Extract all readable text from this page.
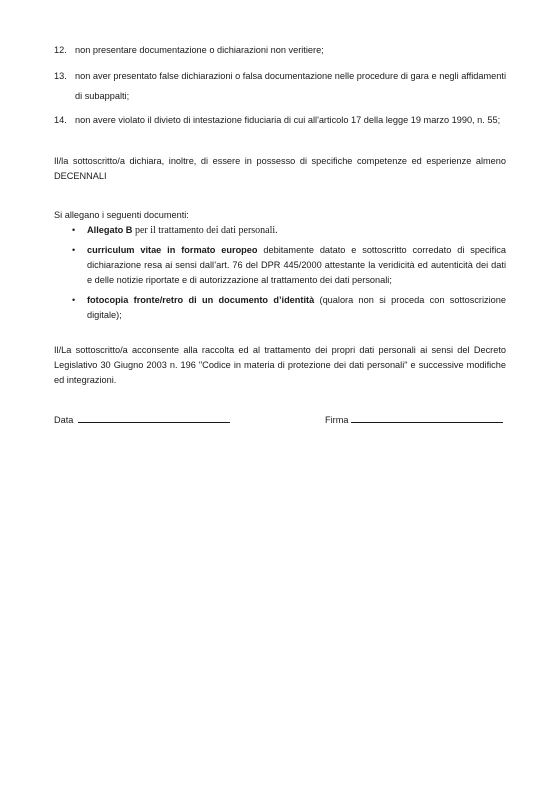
12. non presentare documentazione o dichiarazioni non veritiere;
13. non aver presentato false dichiarazioni o falsa documentazione nelle procedure di gara e negli affidamenti di subappalti;
14. non avere violato il divieto di intestazione fiduciaria di cui all'articolo 17 della legge 19 marzo 1990, n. 55;
Il/la sottoscritto/a dichiara, inoltre, di essere in possesso di specifiche competenze ed esperienze almeno DECENNALI
Si allegano i seguenti documenti:
• Allegato B per il trattamento dei dati personali.
• curriculum vitae in formato europeo debitamente datato e sottoscritto corredato di specifica dichiarazione resa ai sensi dall’art. 76 del DPR 445/2000 attestante la veridicità ed autenticità dei dati e delle notizie riportate e di autorizzazione al trattamento dei dati personali;
• fotocopia fronte/retro di un documento d’identità (qualora non si proceda con sottoscrizione digitale);
Il/La sottoscritto/a acconsente alla raccolta ed al trattamento dei propri dati personali ai sensi del Decreto Legislativo 30 Giugno 2003 n. 196 "Codice in materia di protezione dei dati personali" e successive modifiche ed integrazioni.
Data	Firma
